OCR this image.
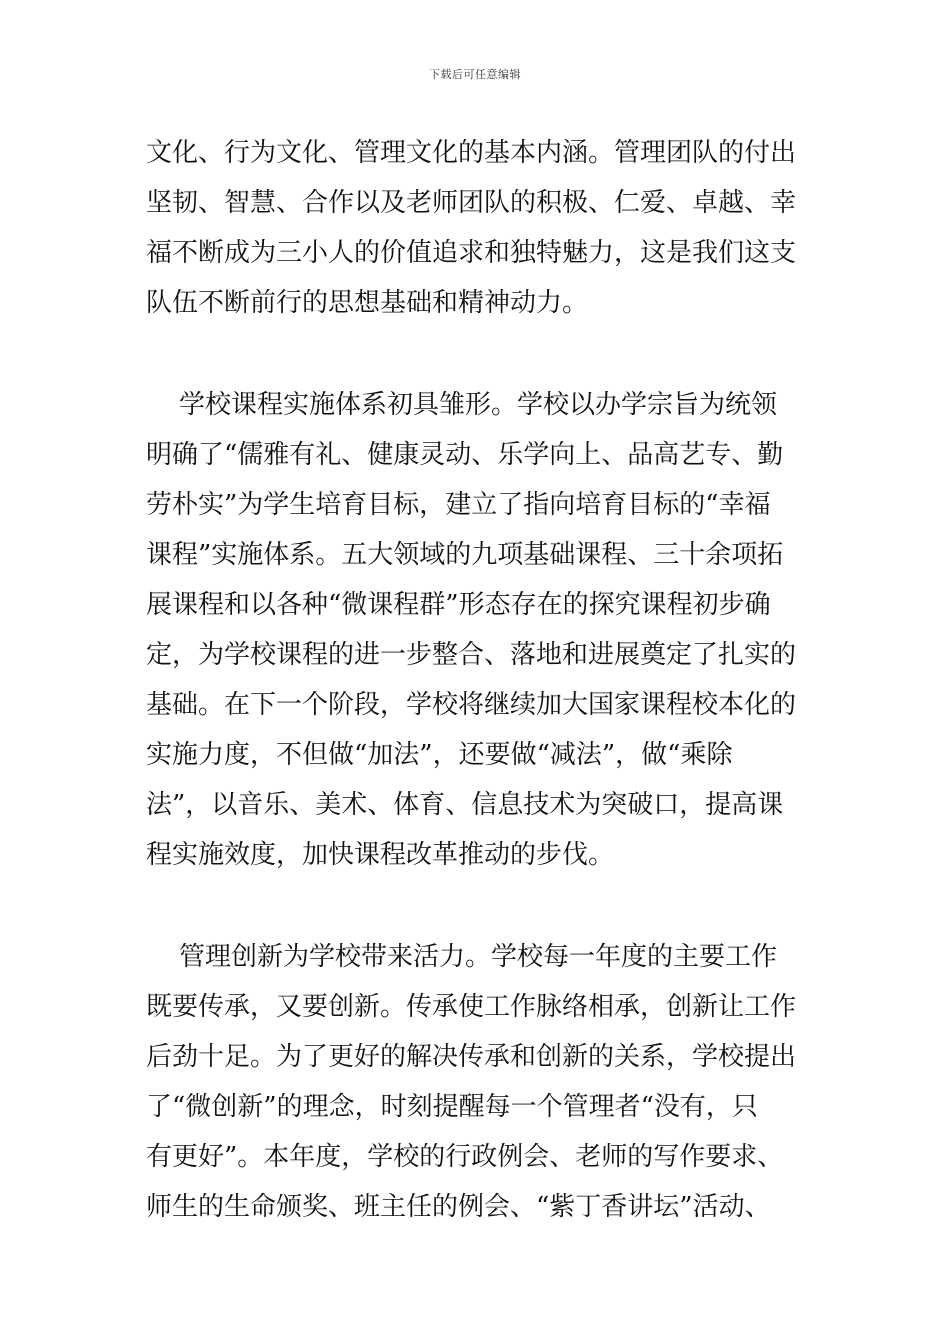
下载后可任意编辑
文化、行为文化、管理文化的基本内涵。管理团队的付出
坚韧、智慧、合作以及老师团队的积极、仁爱、卓越、幸
福不断成为三小人的价值追求和独特魅力，这是我们这支
队伍不断前行的思想基础和精神动力。
学校课程实施体系初具雏形。学校以办学宗旨为统领
明确了“儒雅有礼、健康灵动、乐学向上、品高艺专、勤
劳朴实”为学生培育目标，建立了指向培育目标的“幸福
课程”实施体系。五大领域的九项基础课程、三十余项拓
展课程和以各种“微课程群”形态存在的探究课程初步确
定，为学校课程的进一步整合、落地和进展奠定了扎实的
基础。在下一个阶段，学校将继续加大国家课程校本化的
实施力度，不但做“加法”，还要做“减法”，做“乘除
法”，以音乐、美术、体育、信息技术为突破口，提高课
程实施效度，加快课程改革推动的步伐。
管理创新为学校带来活力。学校每一年度的主要工作
既要传承，又要创新。传承使工作脉络相承，创新让工作
后劲十足。为了更好的解决传承和创新的关系，学校提出
了“微创新”的理念，时刻提醒每一个管理者“没有，只
有更好”。本年度，学校的行政例会、老师的写作要求、
师生的生命颁奖、班主任的例会、“紫丁香讲坛”活动、
